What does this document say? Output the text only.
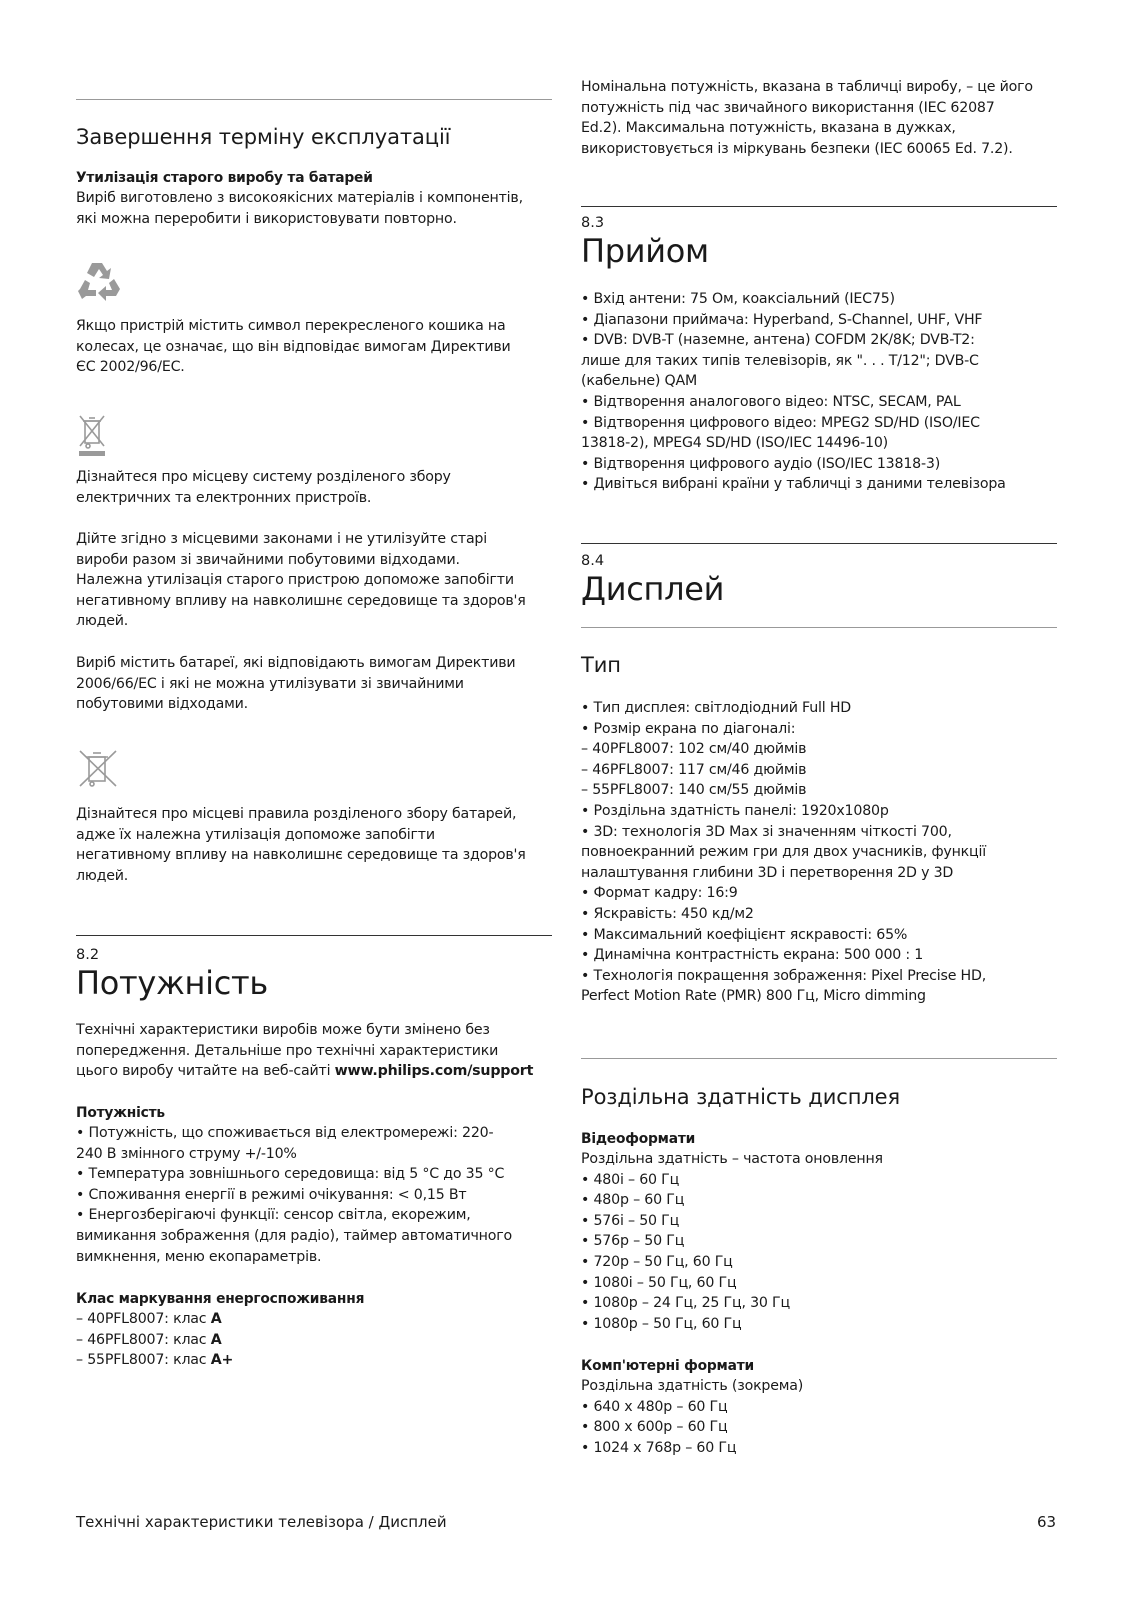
Завершення терміну експлуатації
Утилізація старого виробу та батарей
Виріб виготовлено з високоякісних матеріалів і компонентів,
які можна переробити і використовувати повторно.
Якщо пристрій містить символ перекресленого кошика на
колесах, це означає, що він відповідає вимогам Директиви
ЄС 2002/96/ЕС.
Дізнайтеся про місцеву систему розділеного збору
електричних та електронних пристроїв.
Дійте згідно з місцевими законами і не утилізуйте старі
вироби разом зі звичайними побутовими відходами.
Належна утилізація старого пристрою допоможе запобігти
негативному впливу на навколишнє середовище та здоров'я
людей.
Виріб містить батареї, які відповідають вимогам Директиви
2006/66/ЕС і які не можна утилізувати зі звичайними
побутовими відходами.
Дізнайтеся про місцеві правила розділеного збору батарей,
адже їх належна утилізація допоможе запобігти
негативному впливу на навколишнє середовище та здоров'я
людей.
8.2
Потужність
Технічні характеристики виробів може бути змінено без
попередження. Детальніше про технічні характеристики
цього виробу читайте на веб-сайті www.philips.com/support
Потужність
• Потужність, що споживається від електромережі: 220-
240 В змінного струму +/-10%
• Температура зовнішнього середовища: від 5 °C до 35 °C
• Споживання енергії в режимі очікування: < 0,15 Вт
• Енергозберігаючі функції: сенсор світла, екорежим,
вимикання зображення (для радіо), таймер автоматичного
вимкнення, меню екопараметрів.
Клас маркування енергоспоживання
– 40PFL8007: клас A
– 46PFL8007: клас A
– 55PFL8007: клас A+
Номінальна потужність, вказана в табличці виробу, – це його
потужність під час звичайного використання (IEC 62087
Ed.2). Максимальна потужність, вказана в дужках,
використовується із міркувань безпеки (IEC 60065 Ed. 7.2).
8.3
Прийом
• Вхід антени: 75 Ом, коаксіальний (IEC75)
• Діапазони приймача: Hyperband, S-Channel, UHF, VHF
• DVB: DVB-T (наземне, антена) COFDM 2K/8K; DVB-T2:
лише для таких типів телевізорів, як ". . . T/12"; DVB-C
(кабельне) QAM
• Відтворення аналогового відео: NTSC, SECAM, PAL
• Відтворення цифрового відео: MPEG2 SD/HD (ISO/IEC
13818-2), MPEG4 SD/HD (ISO/IEC 14496-10)
• Відтворення цифрового аудіо (ISO/IEC 13818-3)
• Дивіться вибрані країни у табличці з даними телевізора
8.4
Дисплей
Тип
• Тип дисплея: світлодіодний Full HD
• Розмір екрана по діагоналі:
– 40PFL8007: 102 см/40 дюймів
– 46PFL8007: 117 см/46 дюймів
– 55PFL8007: 140 см/55 дюймів
• Роздільна здатність панелі: 1920x1080p
• 3D: технологія 3D Max зі значенням чіткості 700,
повноекранний режим гри для двох учасників, функції
налаштування глибини 3D і перетворення 2D у 3D
• Формат кадру: 16:9
• Яскравість: 450 кд/м2
• Максимальний коефіцієнт яскравості: 65%
• Динамічна контрастність екрана: 500 000 : 1
• Технологія покращення зображення: Pixel Precise HD,
Perfect Motion Rate (PMR) 800 Гц, Micro dimming
Роздільна здатність дисплея
Відеоформати
Роздільна здатність – частота оновлення
• 480i – 60 Гц
• 480p – 60 Гц
• 576i – 50 Гц
• 576p – 50 Гц
• 720p – 50 Гц, 60 Гц
• 1080i – 50 Гц, 60 Гц
• 1080p – 24 Гц, 25 Гц, 30 Гц
• 1080p – 50 Гц, 60 Гц
Комп'ютерні формати
Роздільна здатність (зокрема)
• 640 x 480p – 60 Гц
• 800 x 600p – 60 Гц
• 1024 x 768p – 60 Гц
Технічні характеристики телевізора / Дисплей	63
